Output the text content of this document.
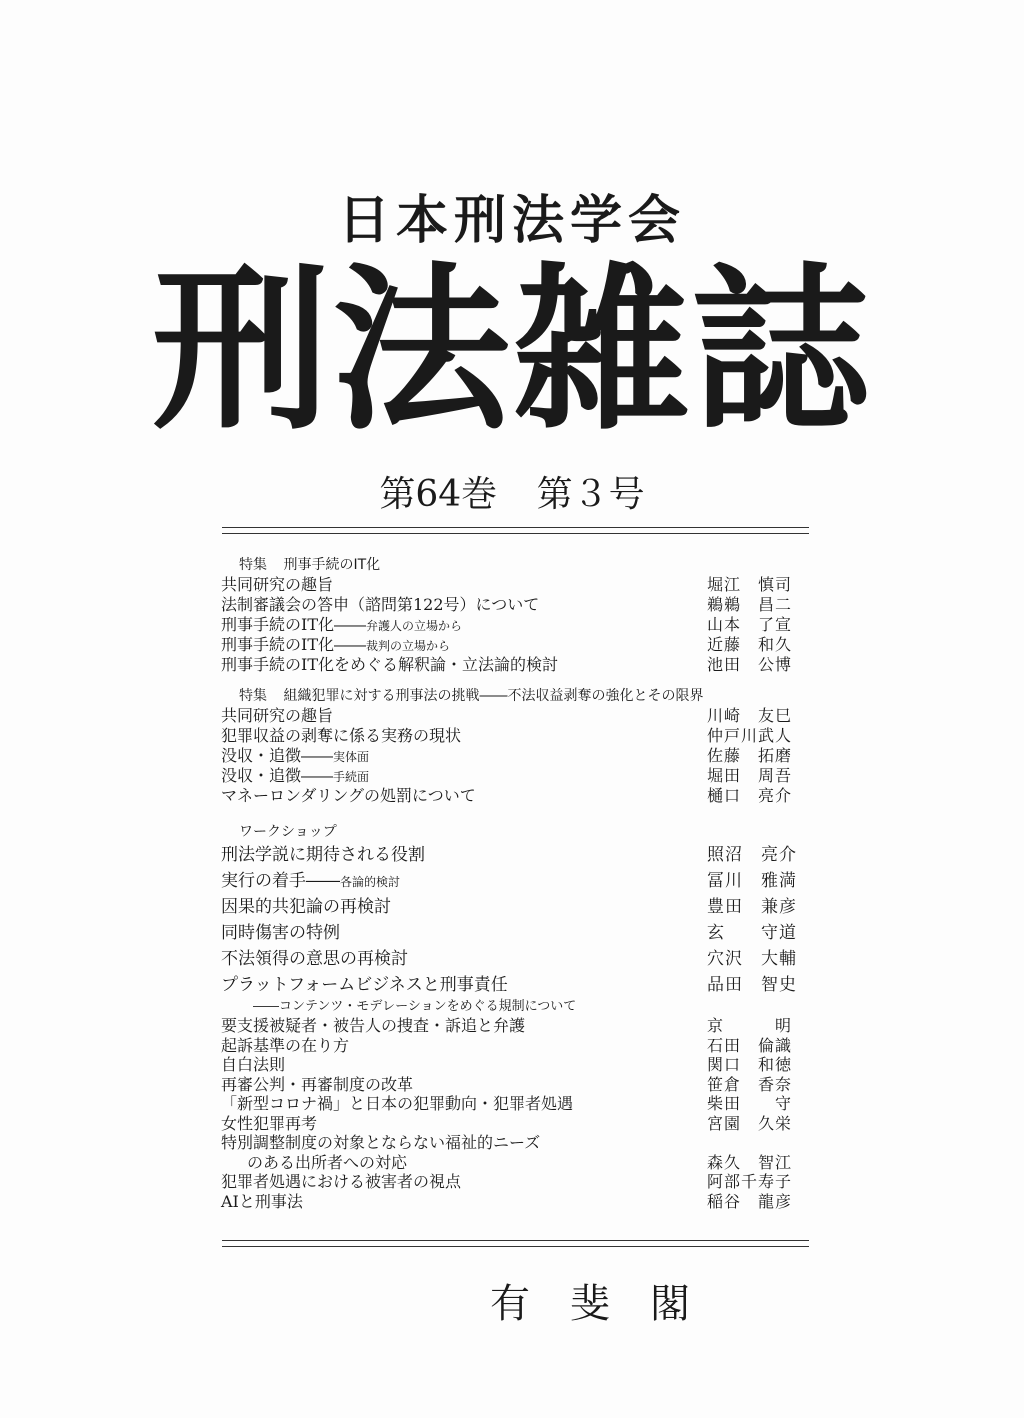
日本刑法学会
刑法雑誌
第64巻 第３号
特集 刑事手続のIT化
共同研究の趣旨	堀江　慎司
法制審議会の答申（諮問第122号）について	鵜鵜　昌二
刑事手続のIT化――弁護人の立場から	山本　了宣
刑事手続のIT化――裁判の立場から	近藤　和久
刑事手続のIT化をめぐる解釈論・立法論的検討	池田　公博
特集 組織犯罪に対する刑事法の挑戦――不法収益剥奪の強化とその限界
共同研究の趣旨	川崎　友巳
犯罪収益の剥奪に係る実務の現状	仲戸川武人
没収・追徴――実体面	佐藤　拓磨
没収・追徴――手続面	堀田　周吾
マネーロンダリングの処罰について	樋口　亮介
ワークショップ
刑法学説に期待される役割	照沼　亮介
実行の着手――各論的検討	冨川　雅満
因果的共犯論の再検討	豊田　兼彦
同時傷害の特例	玄　　守道
不法領得の意思の再検討	穴沢　大輔
プラットフォームビジネスと刑事責任	品田　智史
――コンテンツ・モデレーションをめぐる規制について
要支援被疑者・被告人の捜査・訴追と弁護	京　　　明
起訴基準の在り方	石田　倫識
自白法則	関口　和徳
再審公判・再審制度の改革	笹倉　香奈
「新型コロナ禍」と日本の犯罪動向・犯罪者処遇	柴田　　守
女性犯罪再考	宮園　久栄
特別調整制度の対象とならない福祉的ニーズ
のある出所者への対応	森久　智江
犯罪者処遇における被害者の視点	阿部千寿子
AIと刑事法	稲谷　龍彦
有斐閣
